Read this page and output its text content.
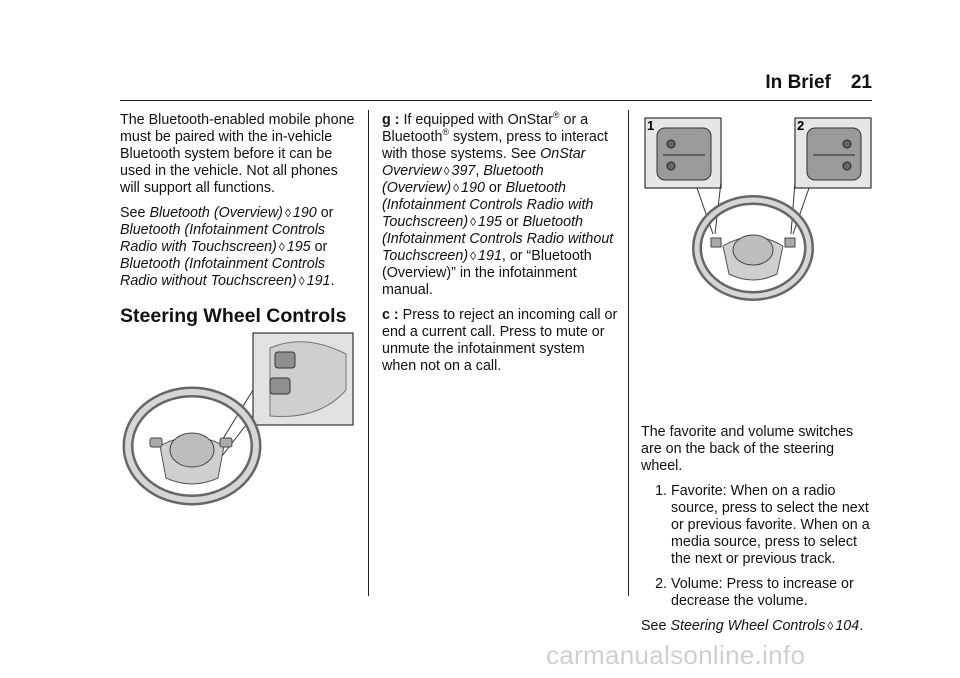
In Brief 21

The Bluetooth-enabled mobile phone must be paired with the in-vehicle Bluetooth system before it can be used in the vehicle. Not all phones will support all functions.

See Bluetooth (Overview) ◊ 190 or Bluetooth (Infotainment Controls Radio with Touchscreen) ◊ 195 or Bluetooth (Infotainment Controls Radio without Touchscreen) ◊ 191.

Steering Wheel Controls

g : If equipped with OnStar® or a Bluetooth® system, press to interact with those systems. See OnStar Overview ◊ 397, Bluetooth (Overview) ◊ 190 or Bluetooth (Infotainment Controls Radio with Touchscreen) ◊ 195 or Bluetooth (Infotainment Controls Radio without Touchscreen) ◊ 191, or “Bluetooth (Overview)” in the infotainment manual.

c : Press to reject an incoming call or end a current call. Press to mute or unmute the infotainment system when not on a call.

1	2

The favorite and volume switches are on the back of the steering wheel.

1. Favorite: When on a radio source, press to select the next or previous favorite. When on a media source, press to select the next or previous track.
2. Volume: Press to increase or decrease the volume.

See Steering Wheel Controls ◊ 104.

carmanualsonline.info
